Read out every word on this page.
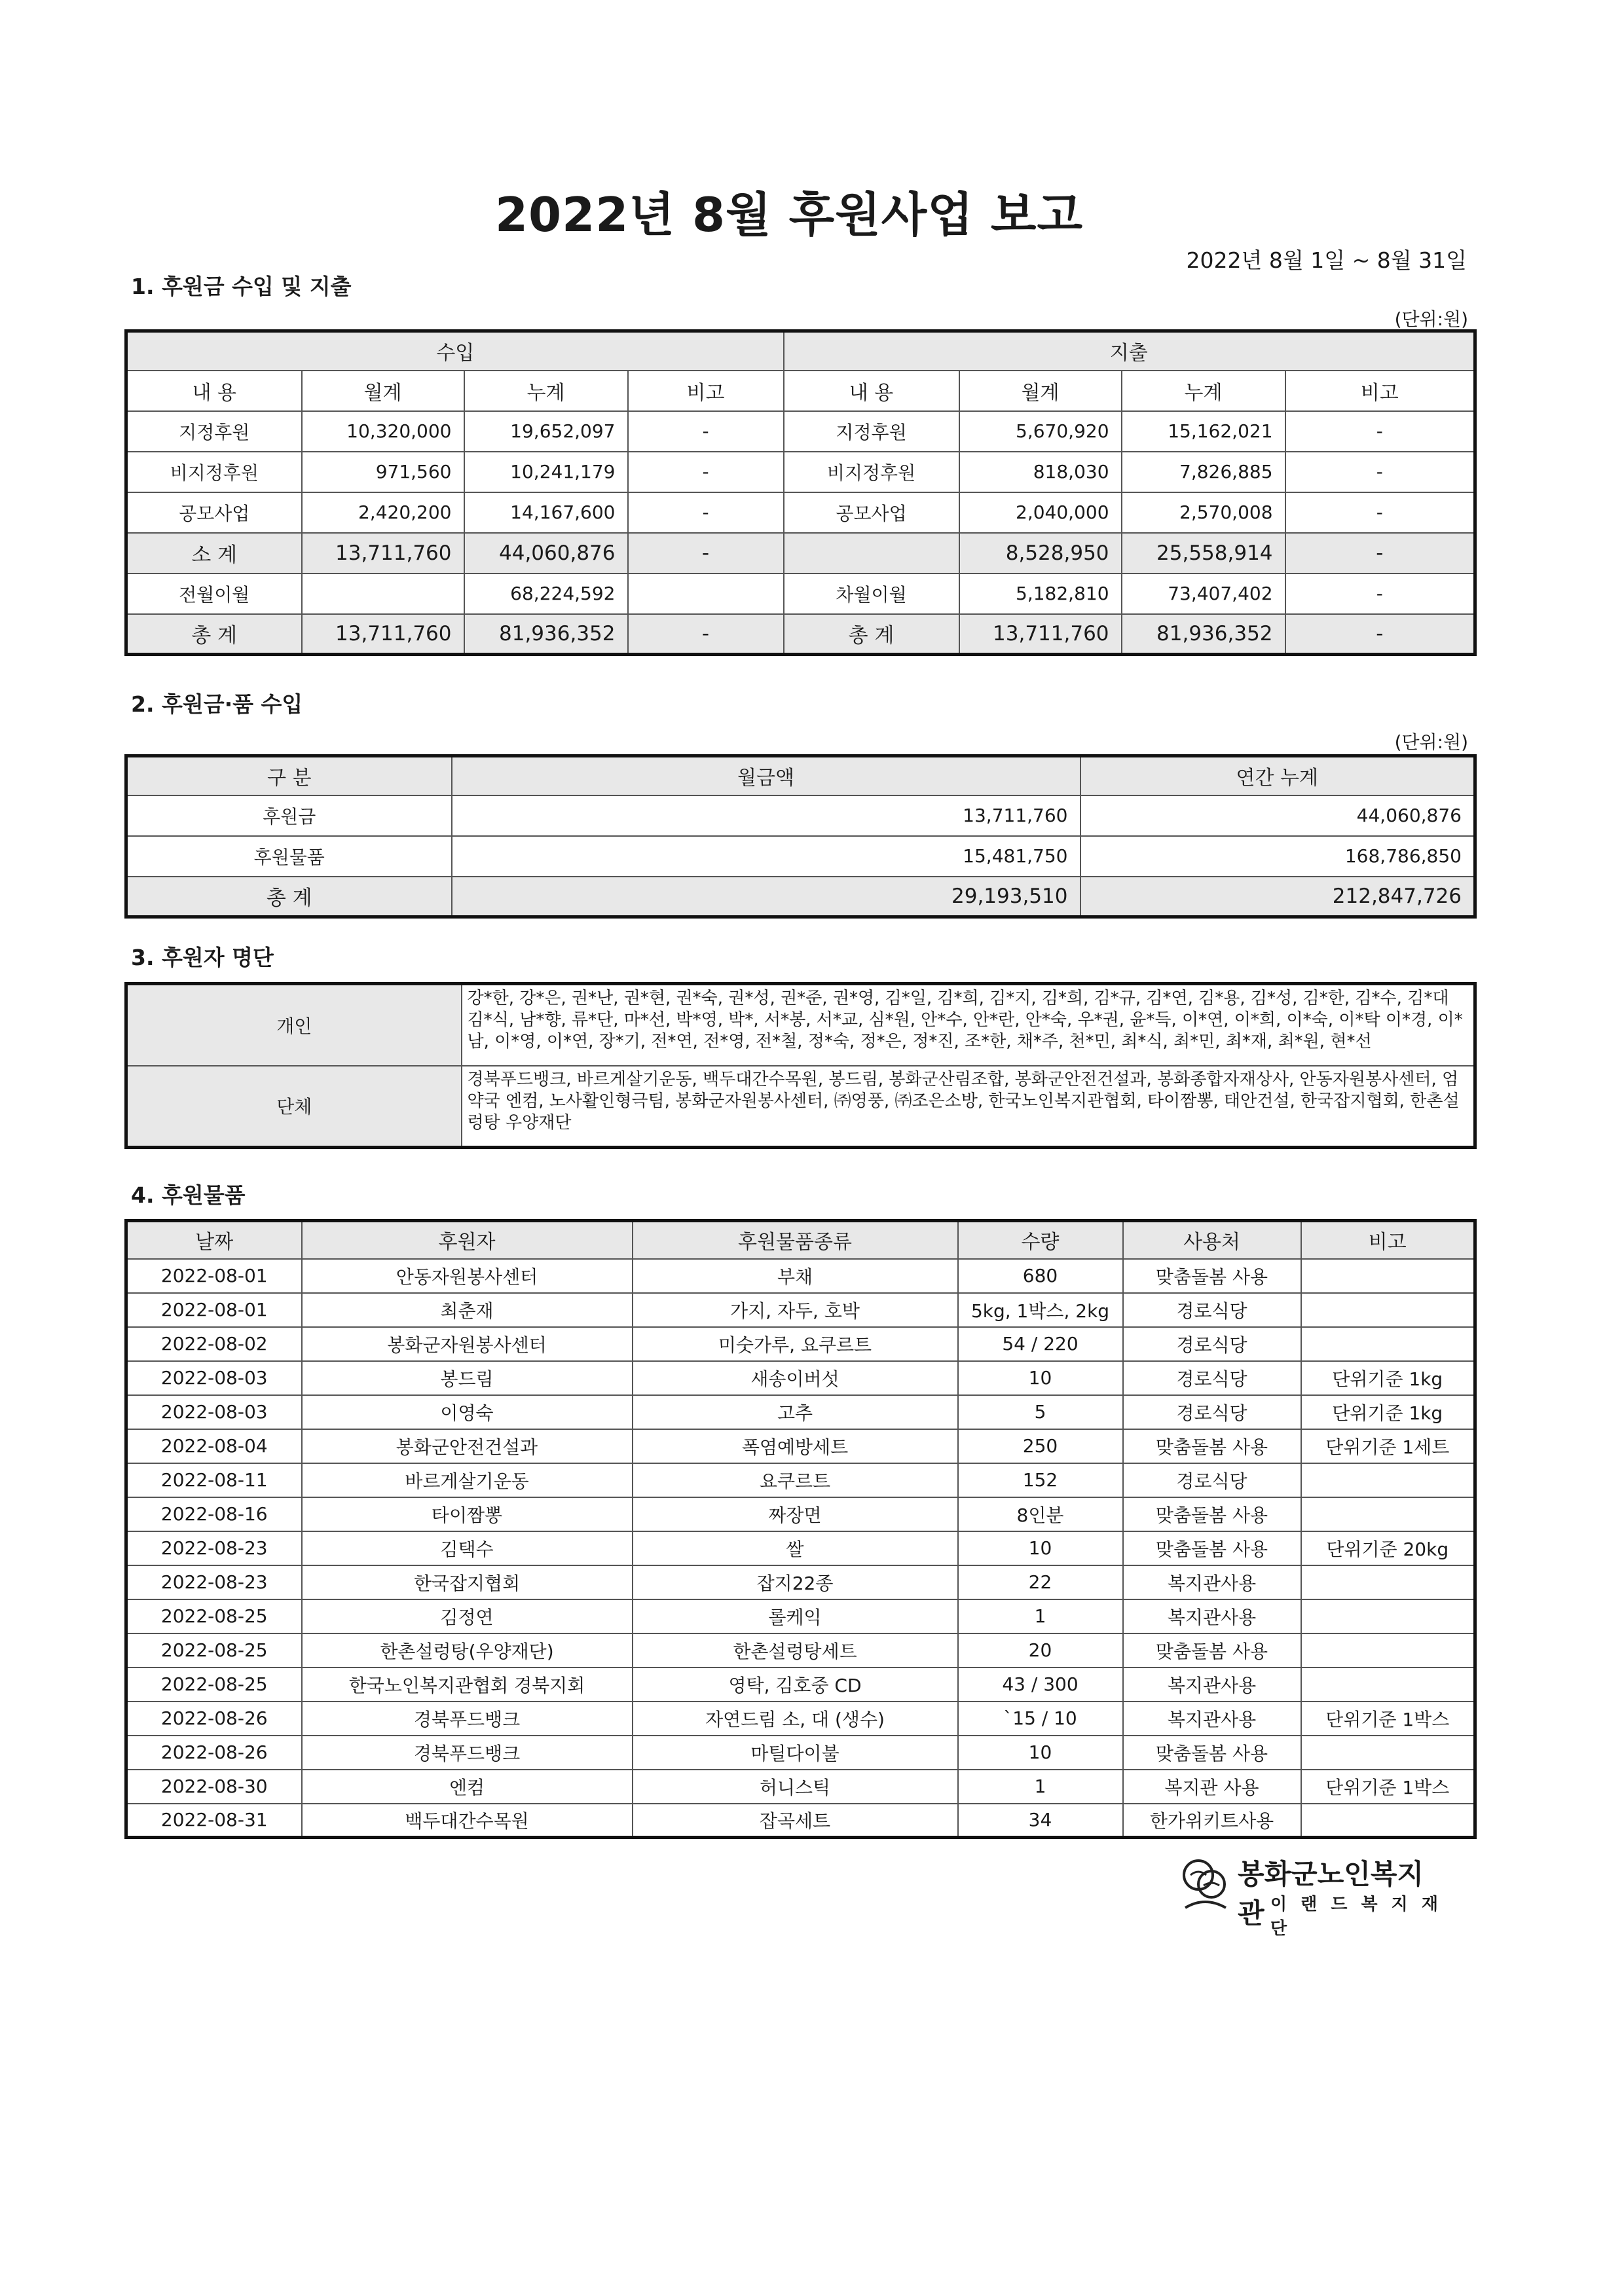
2022년 8월 후원사업 보고
2022년 8월 1일 ~ 8월 31일
1. 후원금 수입 및 지출
(단위:원)
수입				지출			
내 용	월계	누계	비고	내 용	월계	누계	비고
지정후원	10,320,000	19,652,097	-	지정후원	5,670,920	15,162,021	-
비지정후원	971,560	10,241,179	-	비지정후원	818,030	7,826,885	-
공모사업	2,420,200	14,167,600	-	공모사업	2,040,000	2,570,008	-
소 계	13,711,760	44,060,876	-		8,528,950	25,558,914	-
전월이월		68,224,592		차월이월	5,182,810	73,407,402	-
총 계	13,711,760	81,936,352	-	총 계	13,711,760	81,936,352	-
2. 후원금·품 수입
(단위:원)
구 분	월금액	연간 누계
후원금	13,711,760	44,060,876
후원물품	15,481,750	168,786,850
총 계	29,193,510	212,847,726
3. 후원자 명단
개인	강*한, 강*은, 권*난, 권*현, 권*숙, 권*성, 권*준, 권*영, 김*일, 김*희, 김*지, 김*희, 김*규, 김*연, 김*용, 김*성, 김*한, 김*수, 김*대 김*식, 남*향, 류*단, 마*선, 박*영, 박*, 서*봉, 서*교, 심*원, 안*수, 안*란, 안*숙, 우*권, 윤*득, 이*연, 이*희, 이*숙, 이*탁 이*경, 이*남, 이*영, 이*연, 장*기, 전*연, 전*영, 전*철, 정*숙, 정*은, 정*진, 조*한, 채*주, 천*민, 최*식, 최*민, 최*재, 최*원, 현*선
단체	경북푸드뱅크, 바르게살기운동, 백두대간수목원, 봉드림, 봉화군산림조합, 봉화군안전건설과, 봉화종합자재상사, 안동자원봉사센터, 엄약국 엔컴, 노사활인형극팀, 봉화군자원봉사센터, ㈜영풍, ㈜조은소방, 한국노인복지관협회, 타이짬뽕, 태안건설, 한국잡지협회, 한촌설렁탕 우양재단
4. 후원물품
날짜	후원자	후원물품종류	수량	사용처	비고
2022-08-01	안동자원봉사센터	부채	680	맞춤돌봄 사용	
2022-08-01	최춘재	가지, 자두, 호박	5kg, 1박스, 2kg	경로식당	
2022-08-02	봉화군자원봉사센터	미숫가루, 요쿠르트	54 / 220	경로식당	
2022-08-03	봉드림	새송이버섯	10	경로식당	단위기준 1kg
2022-08-03	이영숙	고추	5	경로식당	단위기준 1kg
2022-08-04	봉화군안전건설과	폭염예방세트	250	맞춤돌봄 사용	단위기준 1세트
2022-08-11	바르게살기운동	요쿠르트	152	경로식당	
2022-08-16	타이짬뽕	짜장면	8인분	맞춤돌봄 사용	
2022-08-23	김택수	쌀	10	맞춤돌봄 사용	단위기준 20kg
2022-08-23	한국잡지협회	잡지22종	22	복지관사용	
2022-08-25	김정연	롤케익	1	복지관사용	
2022-08-25	한촌설렁탕(우양재단)	한촌설렁탕세트	20	맞춤돌봄 사용	
2022-08-25	한국노인복지관협회 경북지회	영탁, 김호중 CD	43 / 300	복지관사용	
2022-08-26	경북푸드뱅크	자연드림 소, 대 (생수)	`15 / 10	복지관사용	단위기준 1박스
2022-08-26	경북푸드뱅크	마틸다이불	10	맞춤돌봄 사용	
2022-08-30	엔컴	허니스틱	1	복지관 사용	단위기준 1박스
2022-08-31	백두대간수목원	잡곡세트	34	한가위키트사용	
봉화군노인복지관 이 랜 드 복 지 재 단
